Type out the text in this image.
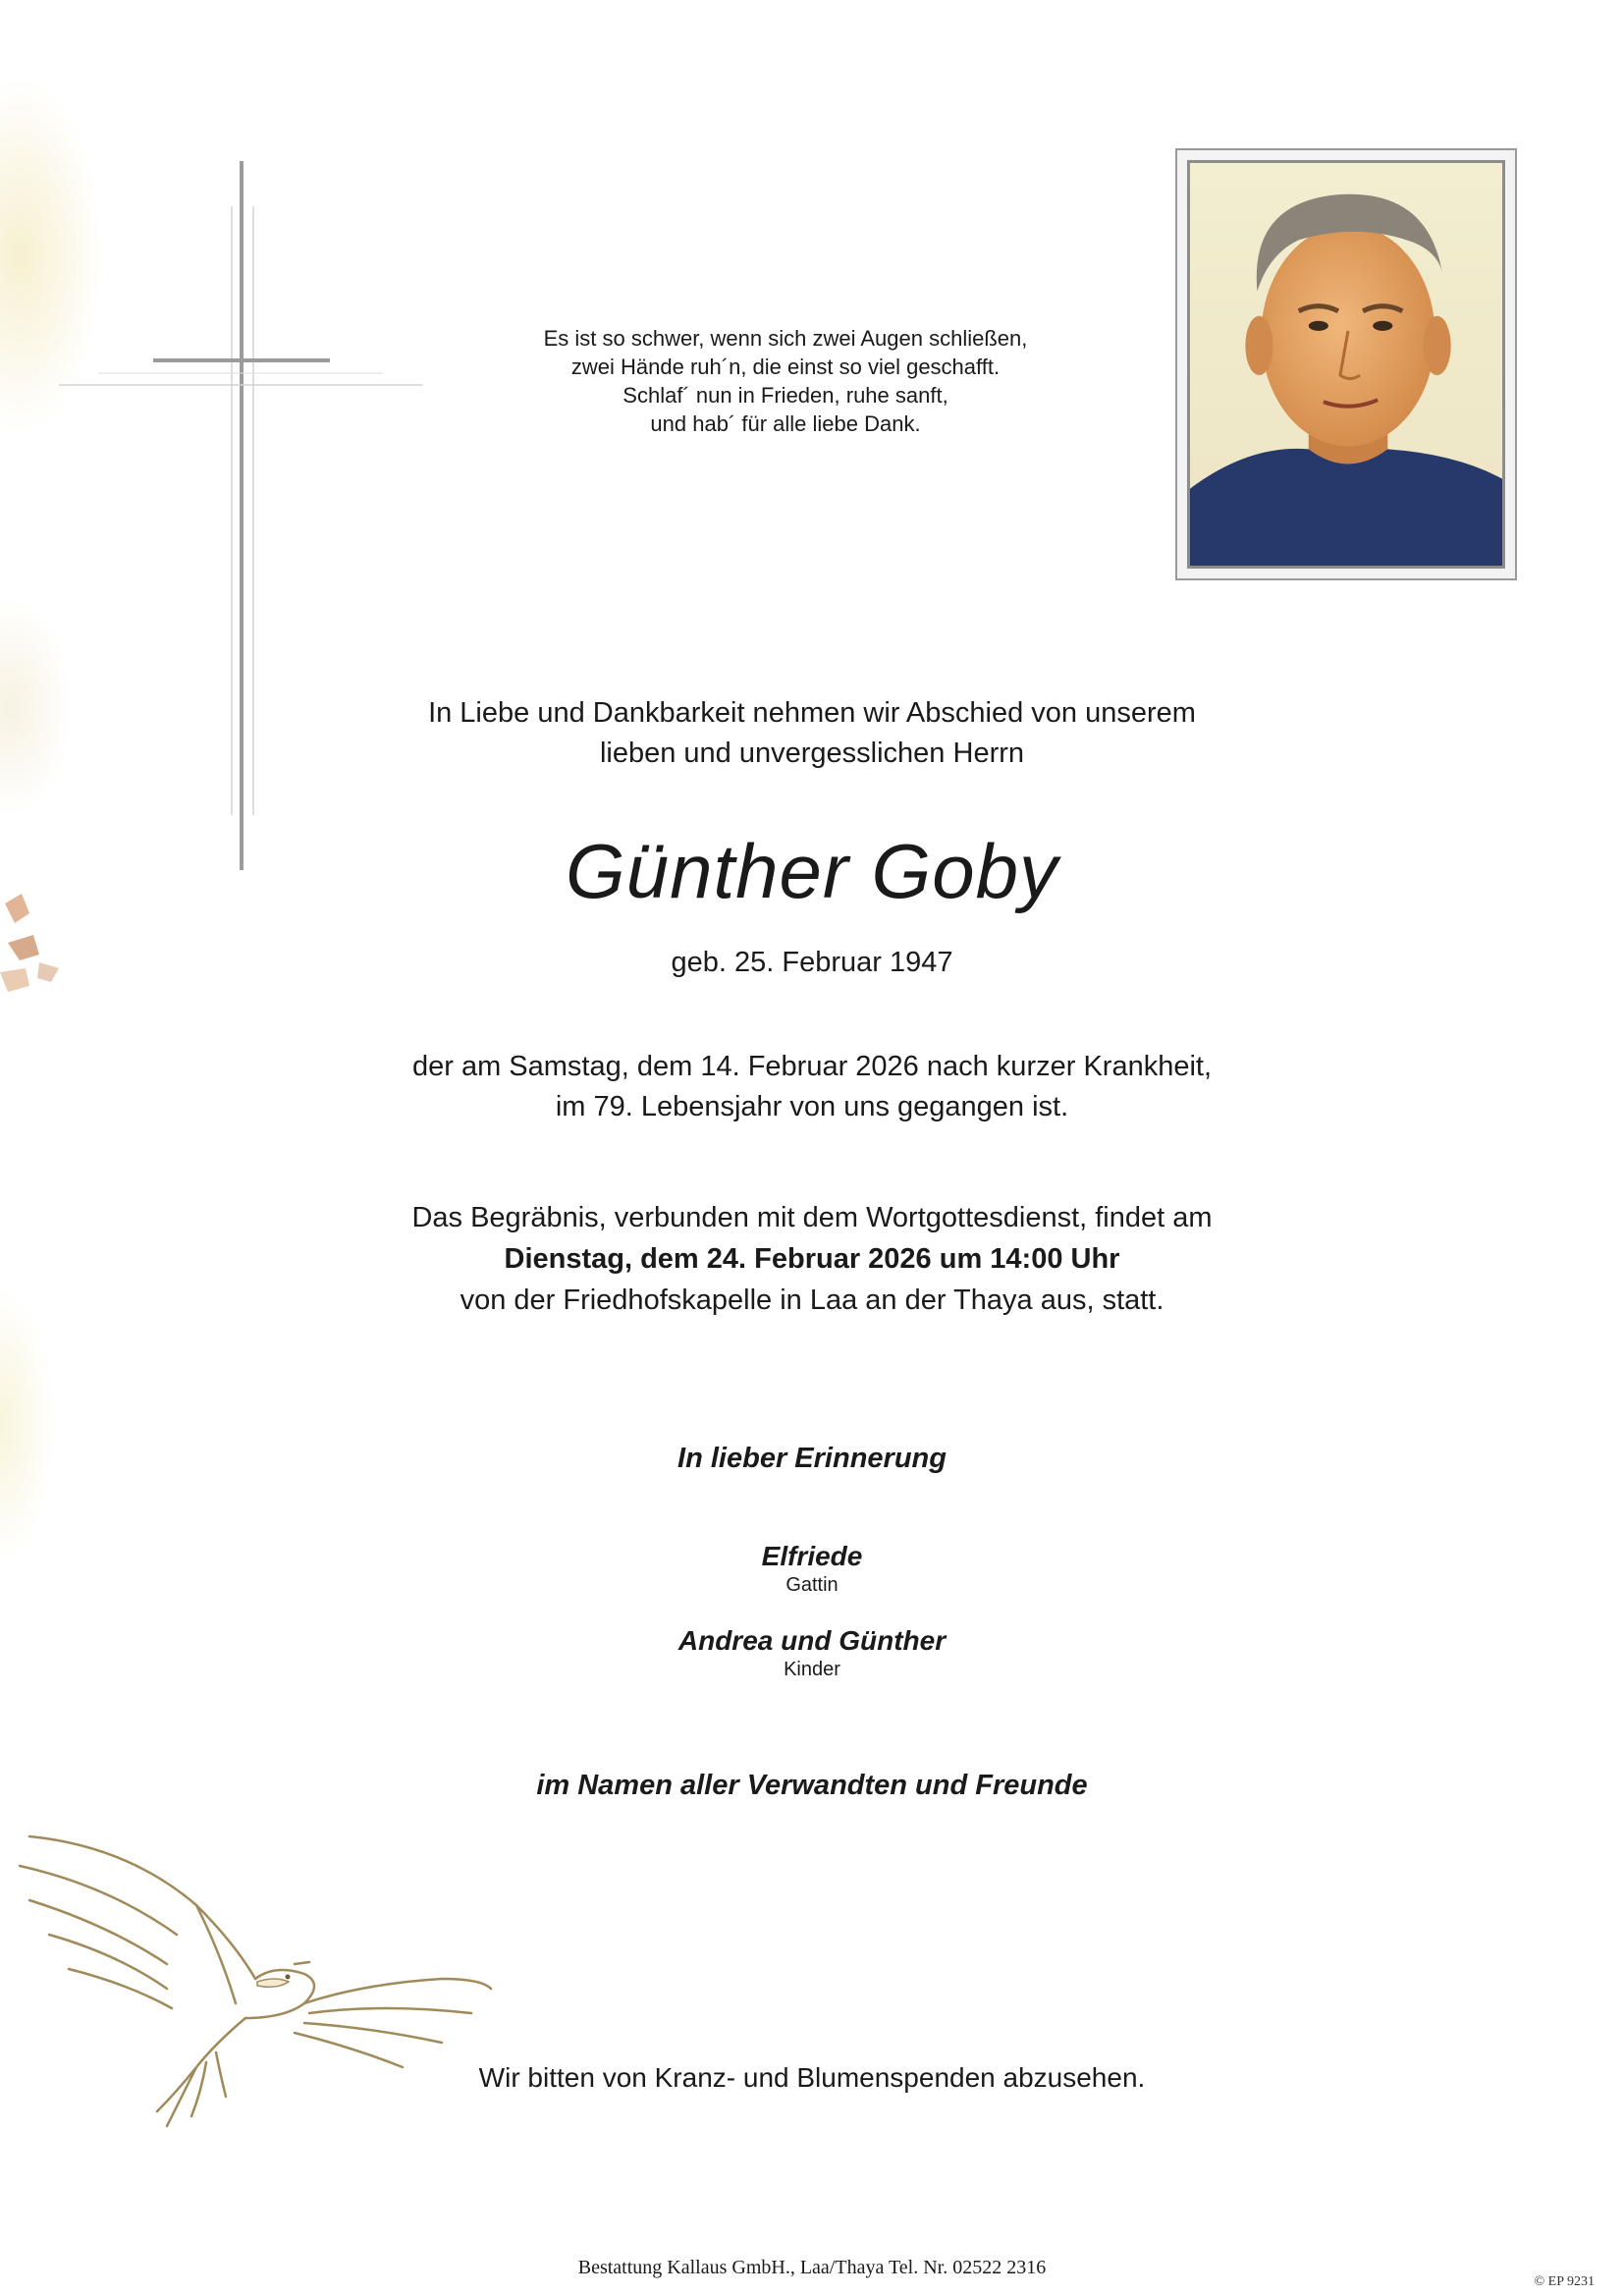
Es ist so schwer, wenn sich zwei Augen schließen,
zwei Hände ruh´n, die einst so viel geschafft.
Schlaf´ nun in Frieden, ruhe sanft,
und hab´ für alle liebe Dank.
In Liebe und Dankbarkeit nehmen wir Abschied von unserem
lieben und unvergesslichen Herrn
Günther Goby
geb. 25. Februar 1947
der am Samstag, dem 14. Februar 2026 nach kurzer Krankheit,
im 79. Lebensjahr von uns gegangen ist.
Das Begräbnis, verbunden mit dem Wortgottesdienst, findet am
Dienstag, dem 24. Februar 2026 um 14:00 Uhr
von der Friedhofskapelle in Laa an der Thaya aus, statt.
In lieber Erinnerung
Elfriede
Gattin
Andrea und Günther
Kinder
im Namen aller Verwandten und Freunde
Wir bitten von Kranz- und Blumenspenden abzusehen.
Bestattung Kallaus GmbH., Laa/Thaya Tel. Nr. 02522 2316
© EP 9231
